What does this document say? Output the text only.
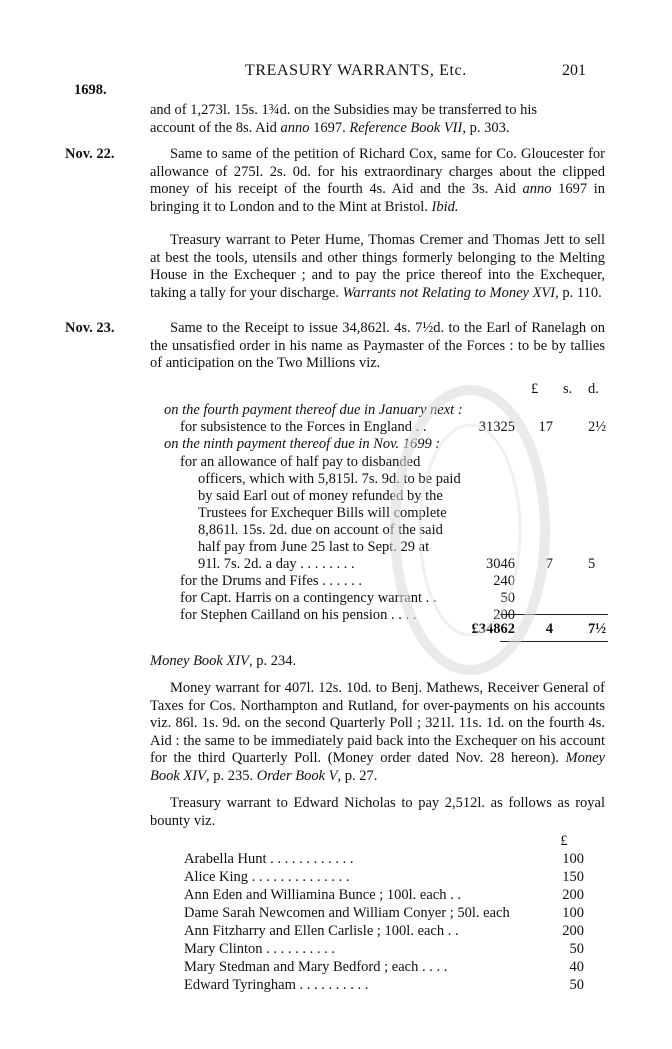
TREASURY WARRANTS, Etc.	201
1698.
and of 1,273l. 15s. 1¾d. on the Subsidies may be transferred to his
account of the 8s. Aid anno 1697. Reference Book VII, p. 303.
Nov. 22.	Same to same of the petition of Richard Cox, same for Co. Gloucester for allowance of 275l. 2s. 0d. for his extraordinary charges about the clipped money of his receipt of the fourth 4s. Aid and the 3s. Aid anno 1697 in bringing it to London and to the Mint at Bristol. Ibid.

Treasury warrant to Peter Hume, Thomas Cremer and Thomas Jett to sell at best the tools, utensils and other things formerly belonging to the Melting House in the Exchequer ; and to pay the price thereof into the Exchequer, taking a tally for your discharge. Warrants not Relating to Money XVI, p. 110.

Nov. 23.	Same to the Receipt to issue 34,862l. 4s. 7½d. to the Earl of Ranelagh on the unsatisfied order in his name as Paymaster of the Forces : to be by tallies of anticipation on the Two Millions viz.

£ s. d.
on the fourth payment thereof due in January next :
for subsistence to the Forces in England . .	31325 17 2½
on the ninth payment thereof due in Nov. 1699 :
for an allowance of half pay to disbanded
officers, which with 5,815l. 7s. 9d. to be paid
by said Earl out of money refunded by the
Trustees for Exchequer Bills will complete
8,861l. 15s. 2d. due on account of the said
half pay from June 25 last to Sept. 29 at
91l. 7s. 2d. a day . . . . . . . .	3046 7 5
for the Drums and Fifes . . . . . .	240
for Capt. Harris on a contingency warrant . .	50
for Stephen Cailland on his pension . . . .	200
£34862 4 7½
Money Book XIV, p. 234.

Money warrant for 407l. 12s. 10d. to Benj. Mathews, Receiver General of Taxes for Cos. Northampton and Rutland, for over-payments on his accounts viz. 86l. 1s. 9d. on the second Quarterly Poll ; 321l. 11s. 1d. on the fourth 4s. Aid : the same to be immediately paid back into the Exchequer on his account for the third Quarterly Poll. (Money order dated Nov. 28 hereon). Money Book XIV, p. 235. Order Book V, p. 27.

Treasury warrant to Edward Nicholas to pay 2,512l. as follows as royal bounty viz.

£
Arabella Hunt . . . . . . . . . . . .	100
Alice King . . . . . . . . . . . . . .	150
Ann Eden and Williamina Bunce ; 100l. each . .	200
Dame Sarah Newcomen and William Conyer ; 50l. each	100
Ann Fitzharry and Ellen Carlisle ; 100l. each . .	200
Mary Clinton . . . . . . . . . .	50
Mary Stedman and Mary Bedford ; each . . . .	40
Edward Tyringham . . . . . . . . . .	50
